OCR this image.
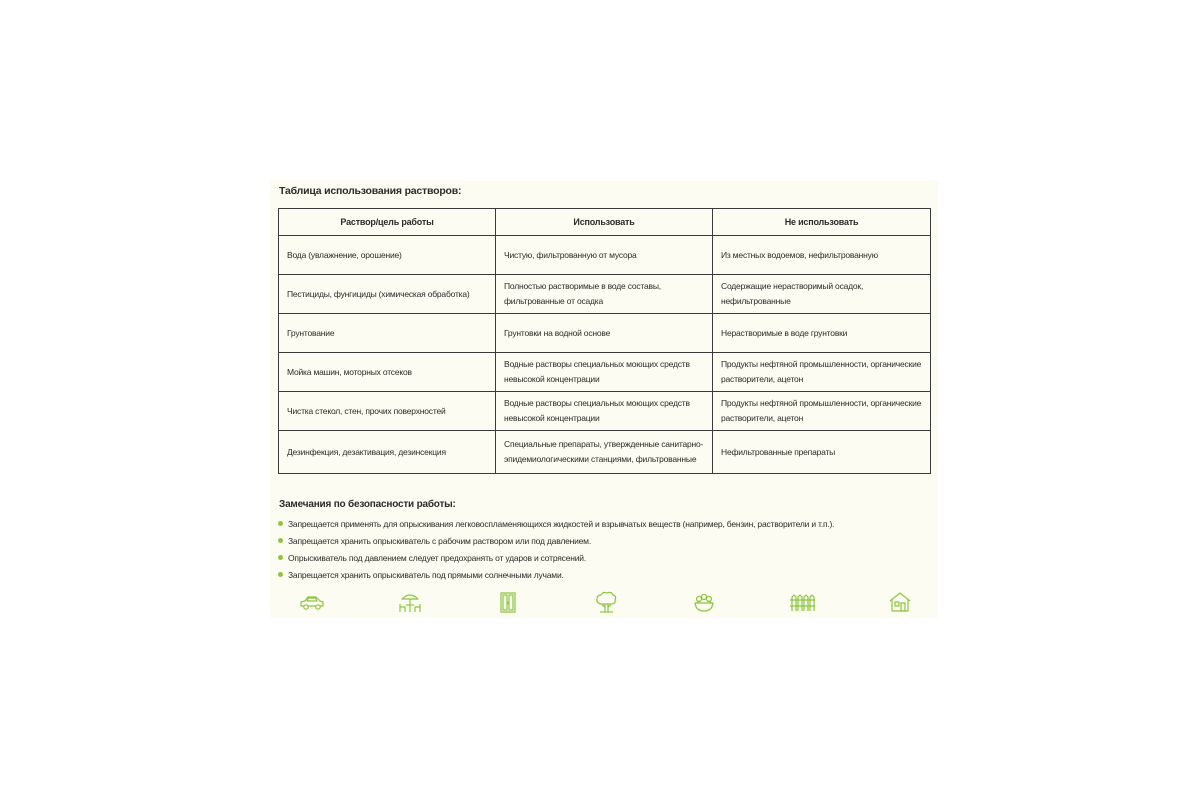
Таблица использования растворов:
Раствор/цель работы	Использовать	Не использовать
Вода (увлажнение, орошение)	Чистую, фильтрованную от мусора	Из местных водоемов, нефильтрованную
Пестициды, фунгициды (химическая обработка)	Полностью растворимые в воде составы, фильтрованные от осадка	Содержащие нерастворимый осадок, нефильтрованные
Грунтование	Грунтовки на водной основе	Нерастворимые в воде грунтовки
Мойка машин, моторных отсеков	Водные растворы специальных моющих средств невысокой концентрации	Продукты нефтяной промышленности, органические растворители, ацетон
Чистка стекол, стен, прочих поверхностей	Водные растворы специальных моющих средств невысокой концентрации	Продукты нефтяной промышленности, органические растворители, ацетон
Дезинфекция, дезактивация, дезинсекция	Специальные препараты, утвержденные санитарно-эпидемиологическими станциями, фильтрованные	Нефильтрованные препараты
Замечания по безопасности работы:
Запрещается применять для опрыскивания легковоспламеняющихся жидкостей и взрывчатых веществ (например, бензин, растворители и т.п.).
Запрещается хранить опрыскиватель с рабочим раствором или под давлением.
Опрыскиватель под давлением следует предохранять от ударов и сотрясений.
Запрещается хранить опрыскиватель под прямыми солнечными лучами.
